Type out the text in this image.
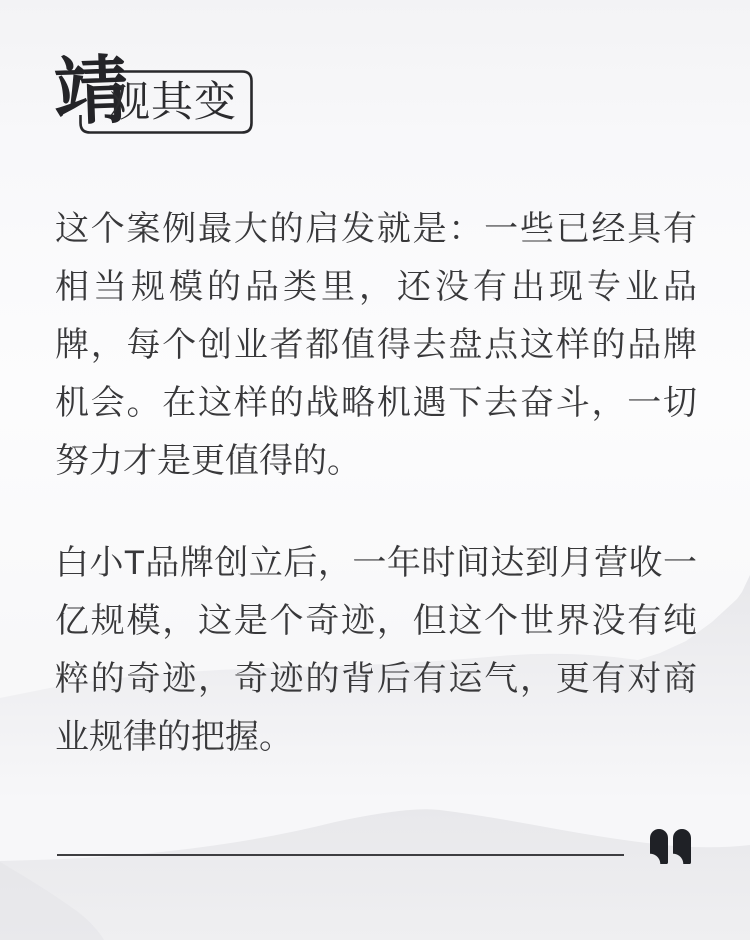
靖
观其变

这个案例最大的启发就是：一些已经具有相当规模的品类里，还没有出现专业品牌，每个创业者都值得去盘点这样的品牌机会。在这样的战略机遇下去奋斗，一切努力才是更值得的。

白小T品牌创立后，一年时间达到月营收一亿规模，这是个奇迹，但这个世界没有纯粹的奇迹，奇迹的背后有运气，更有对商业规律的把握。
